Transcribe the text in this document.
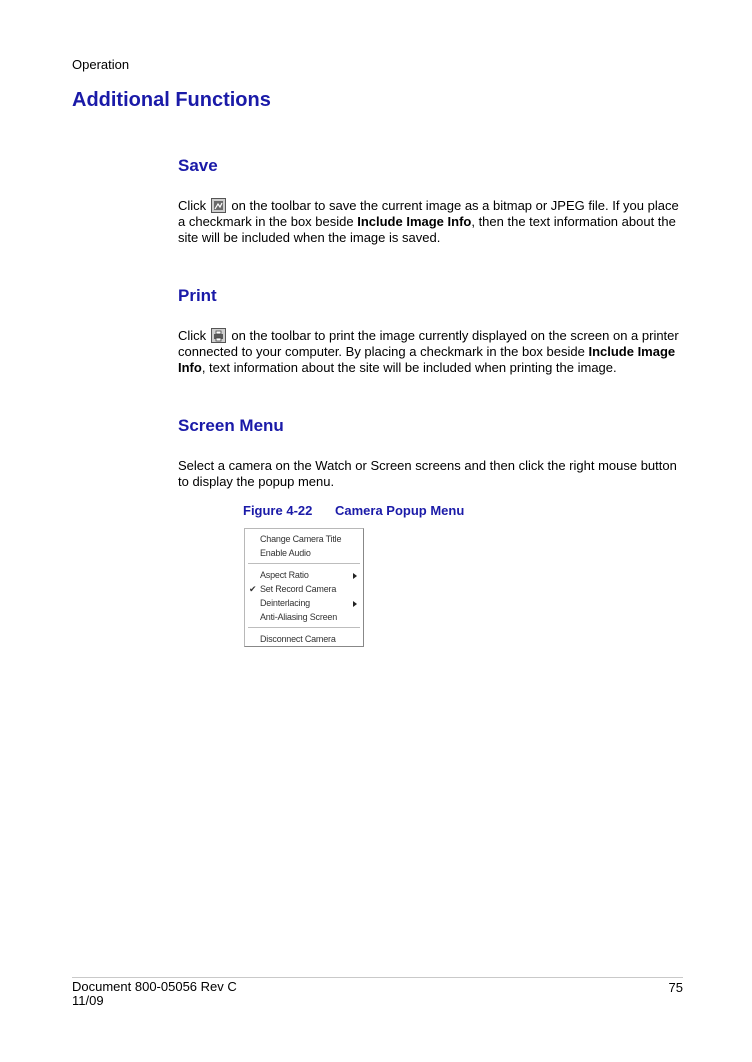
Operation
Additional Functions
Save
Click
on the toolbar to save the current image as a bitmap or JPEG file. If you place a checkmark in the box beside Include Image Info, then the text information about the site will be included when the image is saved.
Print
Click
on the toolbar to print the image currently displayed on the screen on a printer connected to your computer. By placing a checkmark in the box beside Include Image Info, text information about the site will be included when printing the image.
Screen Menu
Select a camera on the Watch or Screen screens and then click the right mouse button to display the popup menu.
Figure 4-22 Camera Popup Menu
Change Camera Title
Enable Audio
Aspect Ratio
✔ Set Record Camera
Deinterlacing
Anti-Aliasing Screen
Disconnect Camera
Document 800-05056 Rev C
11/09
75
